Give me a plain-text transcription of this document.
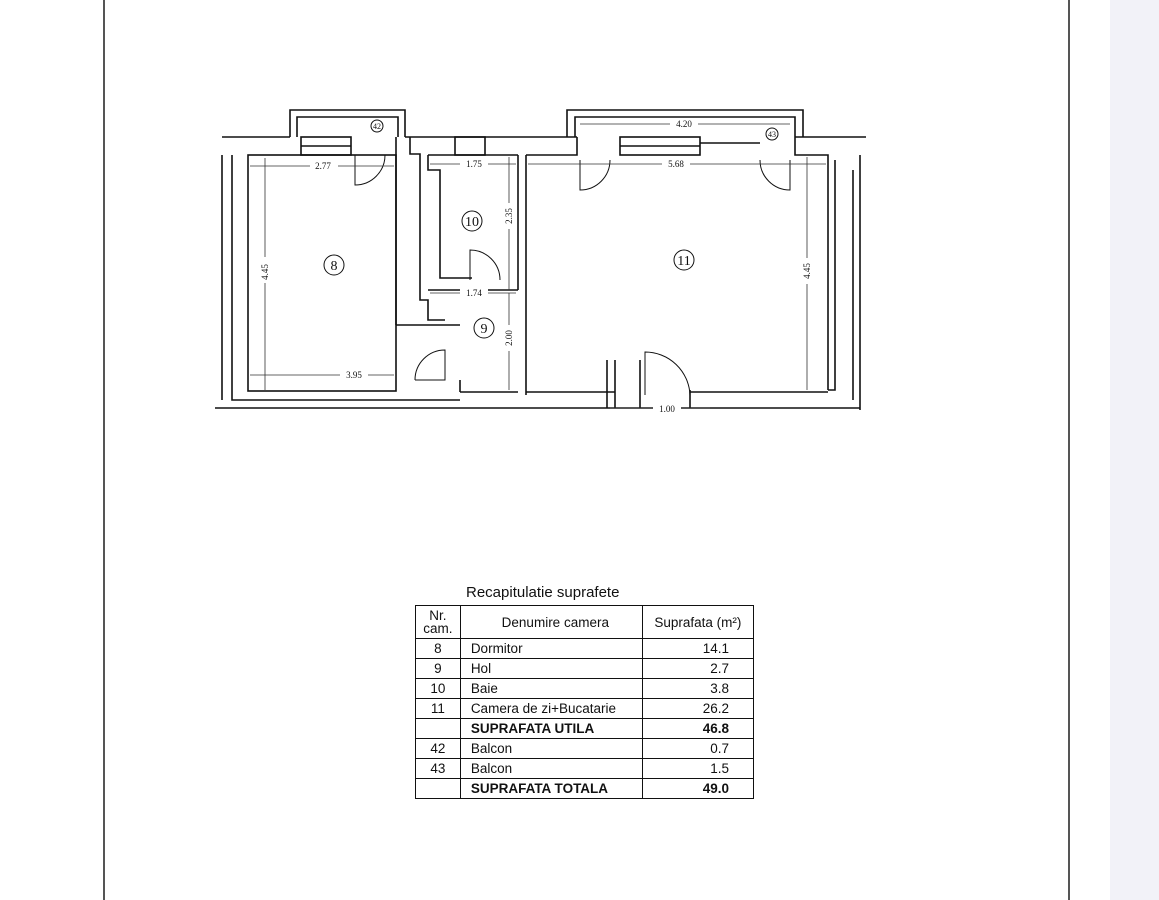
2.77
4.45
3.95
1.75
2.35
1.74
2.00
4.20
5.68
4.45
1.00
8
9
10
11
42
43
Recapitulatie suprafete
Nr. cam.	Denumire camera	Suprafata (m²)
8	Dormitor	14.1
9	Hol	2.7
10	Baie	3.8
11	Camera de zi+Bucatarie	26.2
	SUPRAFATA UTILA	46.8
42	Balcon	0.7
43	Balcon	1.5
	SUPRAFATA TOTALA	49.0
